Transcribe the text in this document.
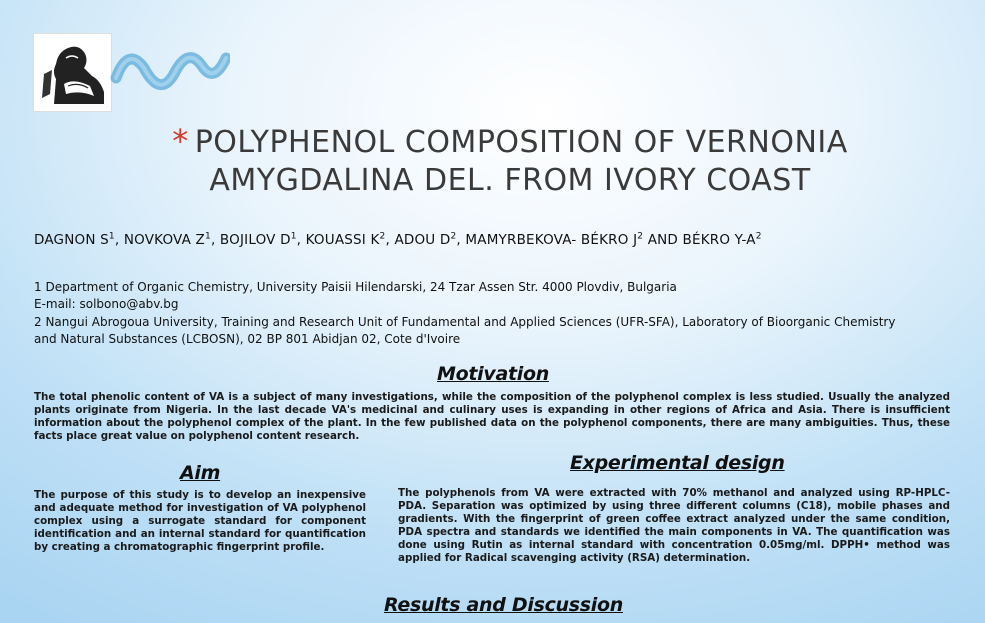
* POLYPHENOL COMPOSITION OF VERNONIA
AMYGDALINA DEL. FROM IVORY COAST
DAGNON $S^1$, NOVKOVA $Z^1$, BOJILOV $D^1$, KOUASSI $K^2$, ADOU $D^2$, MAMYRBEKOVA- BÉKRO $J^2$ AND BÉKRO $Y-A^2$
1 Department of Organic Chemistry, University Paisii Hilendarski, 24 Tzar Assen Str. 4000 Plovdiv, Bulgaria
E-mail: solbono@abv.bg
2 Nangui Abrogoua University, Training and Research Unit of Fundamental and Applied Sciences (UFR-SFA), Laboratory of Bioorganic Chemistry
and Natural Substances (LCBOSN), 02 BP 801 Abidjan 02, Cote d'Ivoire
Motivation
The total phenolic content of VA is a subject of many investigations, while the composition of the polyphenol complex is less studied. Usually the analyzed plants originate from Nigeria. In the last decade VA's medicinal and culinary uses is expanding in other regions of Africa and Asia. There is insufficient information about the polyphenol complex of the plant. In the few published data on the polyphenol components, there are many ambiguities. Thus, these facts place great value on polyphenol content research.
Aim
The purpose of this study is to develop an inexpensive and adequate method for investigation of VA polyphenol complex using a surrogate standard for component identification and an internal standard for quantification by creating a chromatographic fingerprint profile.
Experimental design
The polyphenols from VA were extracted with 70% methanol and analyzed using RP-HPLC-PDA. Separation was optimized by using three different columns (C18), mobile phases and gradients. With the fingerprint of green coffee extract analyzed under the same condition, PDA spectra and standards we identified the main components in VA. The quantification was done using Rutin as internal standard with concentration 0.05mg/ml. DPPH• method was applied for Radical scavenging activity (RSA) determination.
Results and Discussion
